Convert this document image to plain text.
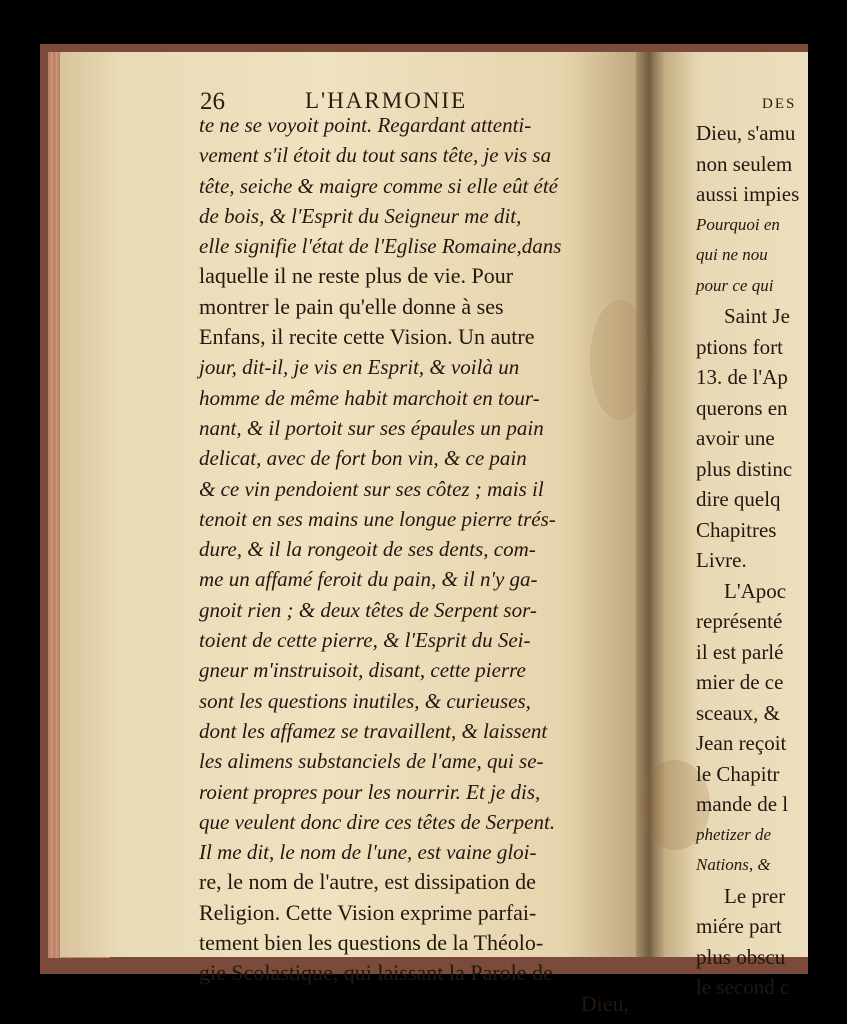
26	L'HARMONIE
te ne se voyoit point. Regardant attenti-
vement s'il étoit du tout sans tête, je vis sa
tête, seiche & maigre comme si elle eût été
de bois, & l'Esprit du Seigneur me dit,
elle signifie l'état de l'Eglise Romaine,dans
laquelle il ne reste plus de vie. Pour
montrer le pain qu'elle donne à ses
Enfans, il recite cette Vision. Un autre
jour, dit-il, je vis en Esprit, & voilà un
homme de même habit marchoit en tour-
nant, & il portoit sur ses épaules un pain
delicat, avec de fort bon vin, & ce pain
& ce vin pendoient sur ses côtez ; mais il
tenoit en ses mains une longue pierre trés-
dure, & il la rongeoit de ses dents, com-
me un affamé feroit du pain, & il n'y ga-
gnoit rien ; & deux têtes de Serpent sor-
toient de cette pierre, & l'Esprit du Sei-
gneur m'instruisoit, disant, cette pierre
sont les questions inutiles, & curieuses,
dont les affamez se travaillent, & laissent
les alimens substanciels de l'ame, qui se-
roient propres pour les nourrir. Et je dis,
que veulent donc dire ces têtes de Serpent.
Il me dit, le nom de l'une, est vaine gloi-
re, le nom de l'autre, est dissipation de
Religion. Cette Vision exprime parfai-
tement bien les questions de la Théolo-
gie Scolastique, qui laissant la Parole de
Dieu,
DES
Dieu, s'amu
non seulem
aussi impies
Pourquoi en
qui ne nou
pour ce qui
Saint Je
ptions fort
13. de l'Ap
querons en
avoir une
plus distinc
dire quelq
Chapitres
Livre.
L'Apoc
représenté
il est parlé
mier de ce
sceaux, &
Jean reçoit
le Chapitr
mande de l
phetizer de
Nations, &
Le prer
miére part
plus obscu
le second c
